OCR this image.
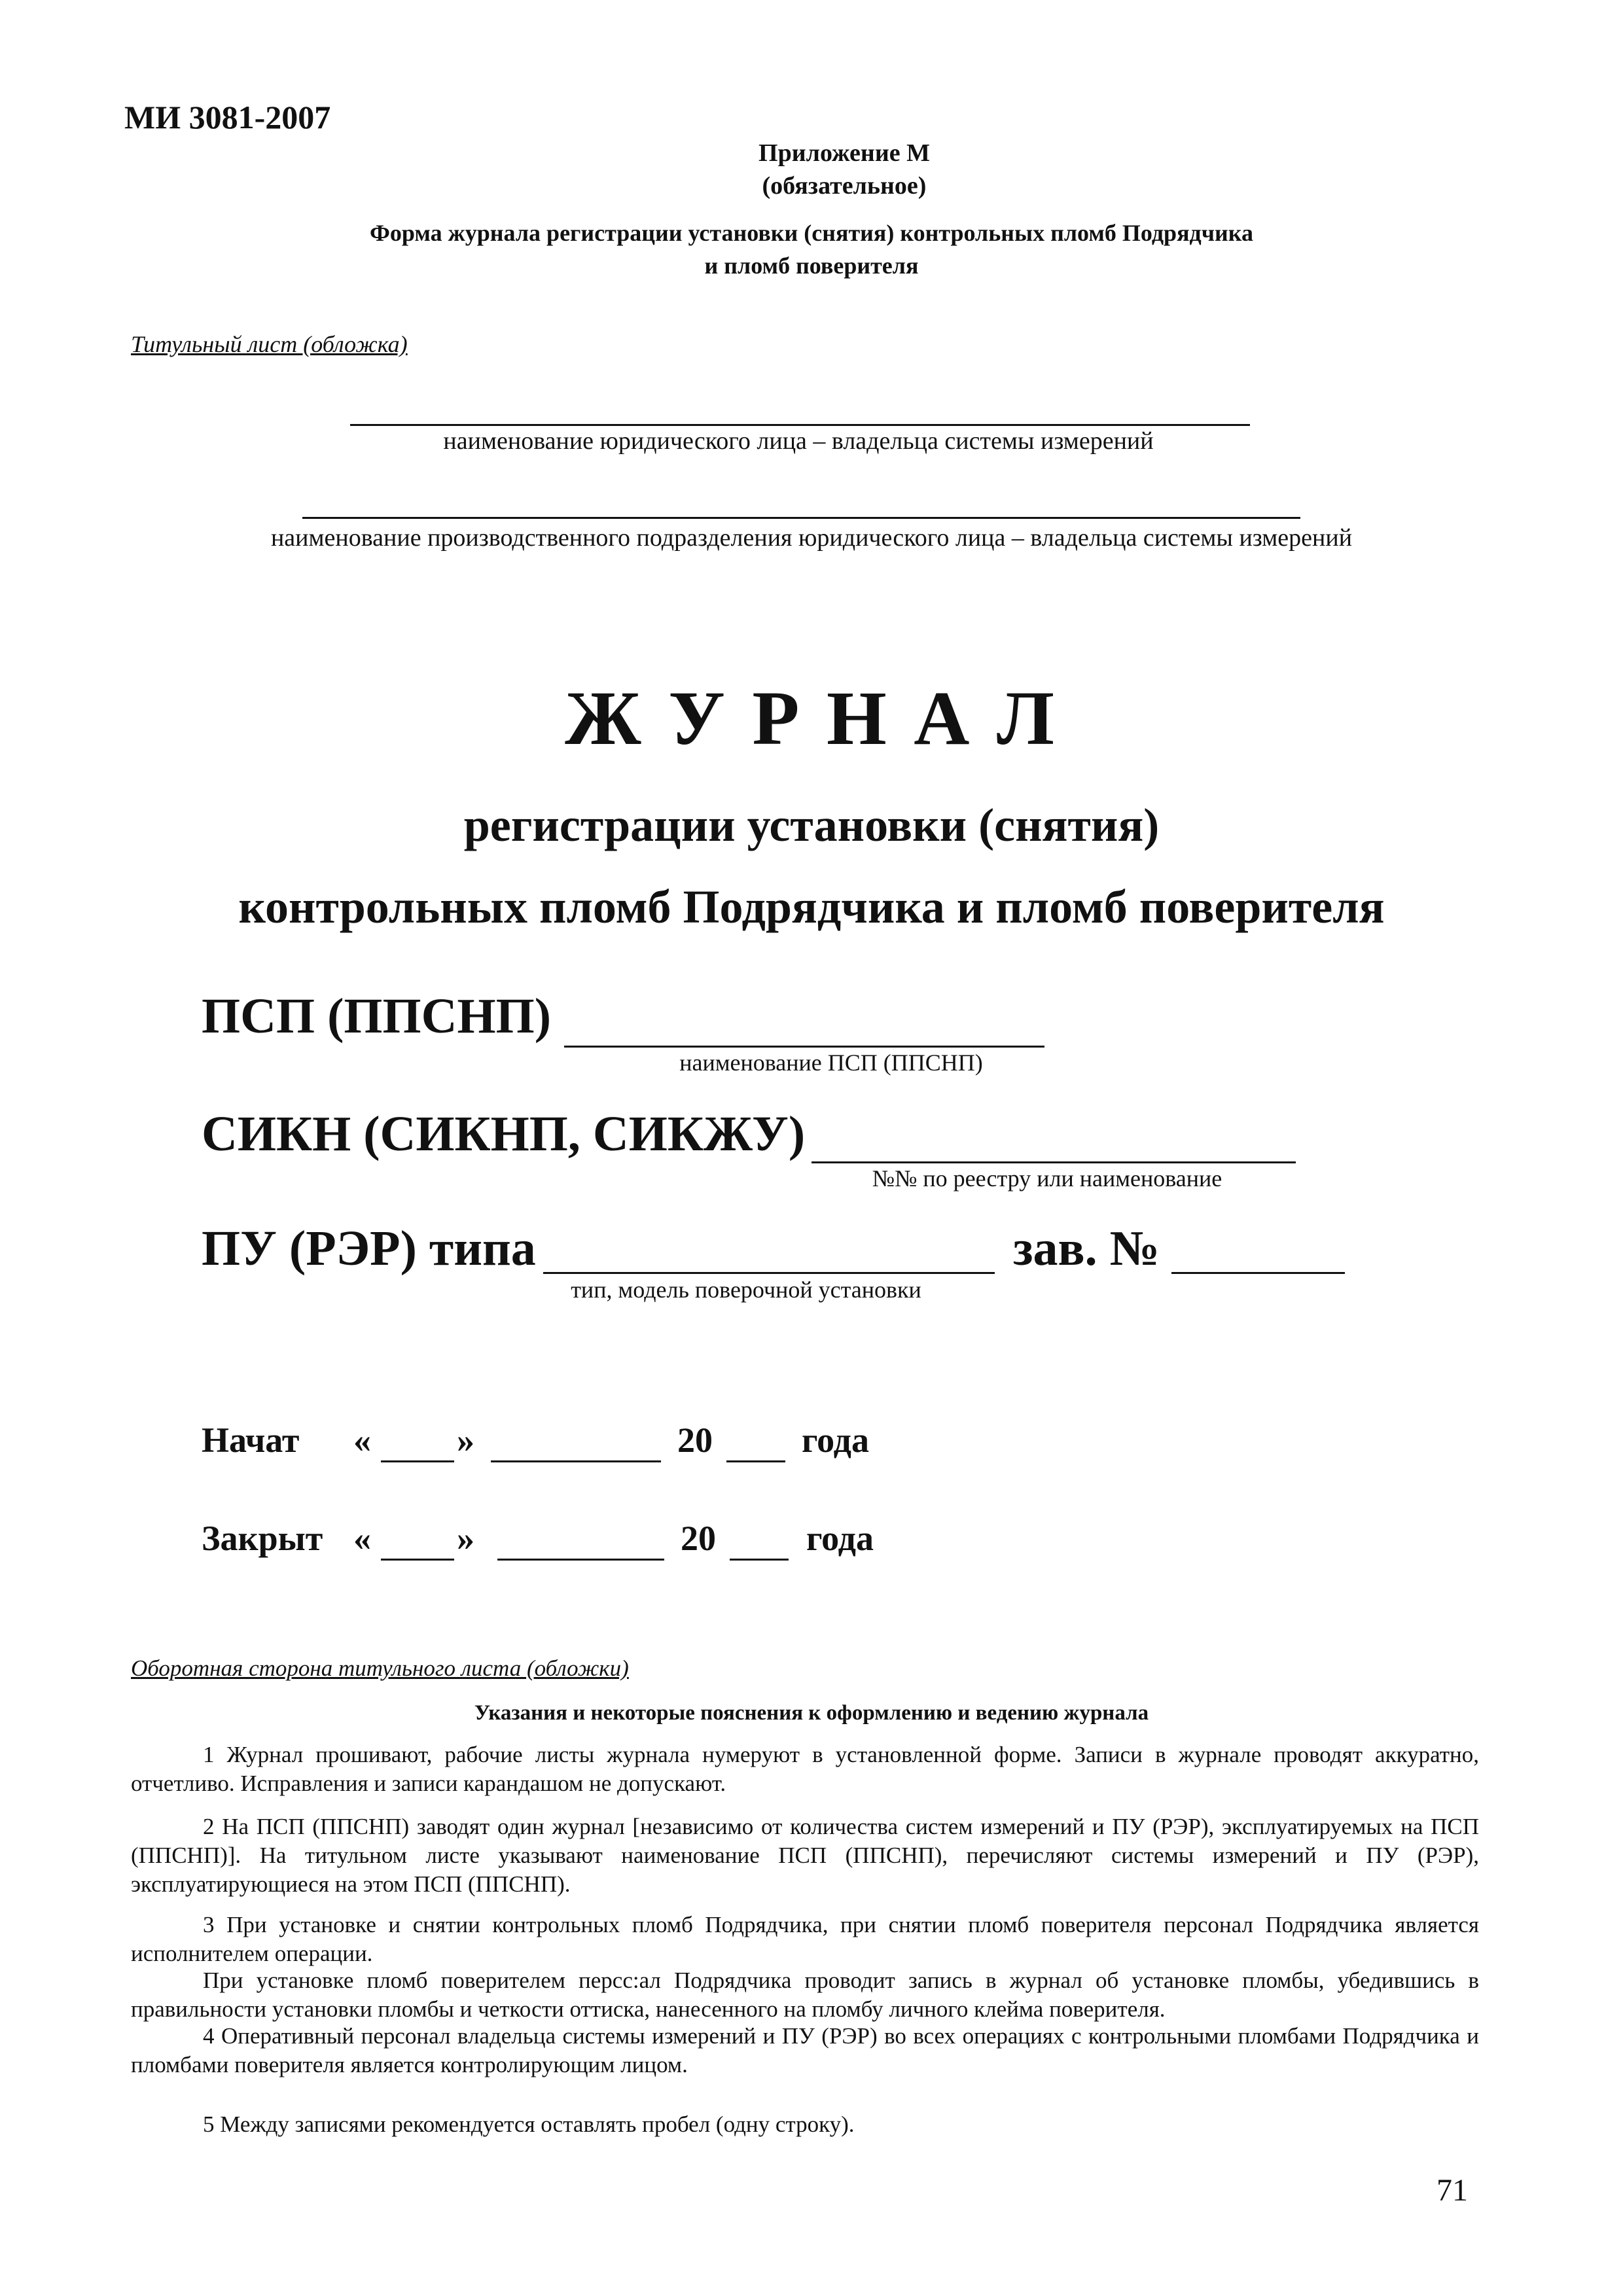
МИ 3081-2007
Приложение М
(обязательное)
Форма журнала регистрации установки (снятия) контрольных пломб Подрядчика
и пломб поверителя
Титульный лист (обложка)
наименование юридического лица – владельца системы измерений
наименование производственного подразделения юридического лица – владельца системы измерений
Ж У Р Н А Л
регистрации установки (снятия)
контрольных пломб Подрядчика и пломб поверителя
ПСП (ППСНП)
наименование ПСП (ППСНП)
СИКН (СИКНП, СИКЖУ)
№№ по реестру или наименование
ПУ (РЭР) типа
тип, модель поверочной установки
зав. №
Начат « »	20	года
Закрыт « »	20	года
Оборотная сторона титульного листа (обложки)
Указания и некоторые пояснения к оформлению и ведению журнала
1 Журнал прошивают, рабочие листы журнала нумеруют в установленной форме. Записи в журнале проводят аккуратно, отчетливо. Исправления и записи карандашом не допускают.
2 На ПСП (ППСНП) заводят один журнал [независимо от количества систем измерений и ПУ (РЭР), эксплуатируемых на ПСП (ППСНП)]. На титульном листе указывают наименование ПСП (ППСНП), перечисляют системы измерений и ПУ (РЭР), эксплуатирующиеся на этом ПСП (ППСНП).
3 При установке и снятии контрольных пломб Подрядчика, при снятии пломб поверителя персонал Подрядчика является исполнителем операции.
При установке пломб поверителем персс:ал Подрядчика проводит запись в журнал об установке пломбы, убедившись в правильности установки пломбы и четкости оттиска, нанесенного на пломбу личного клейма поверителя.
4 Оперативный персонал владельца системы измерений и ПУ (РЭР) во всех операциях с контрольными пломбами Подрядчика и пломбами поверителя является контролирующим лицом.
5 Между записями рекомендуется оставлять пробел (одну строку).
71
